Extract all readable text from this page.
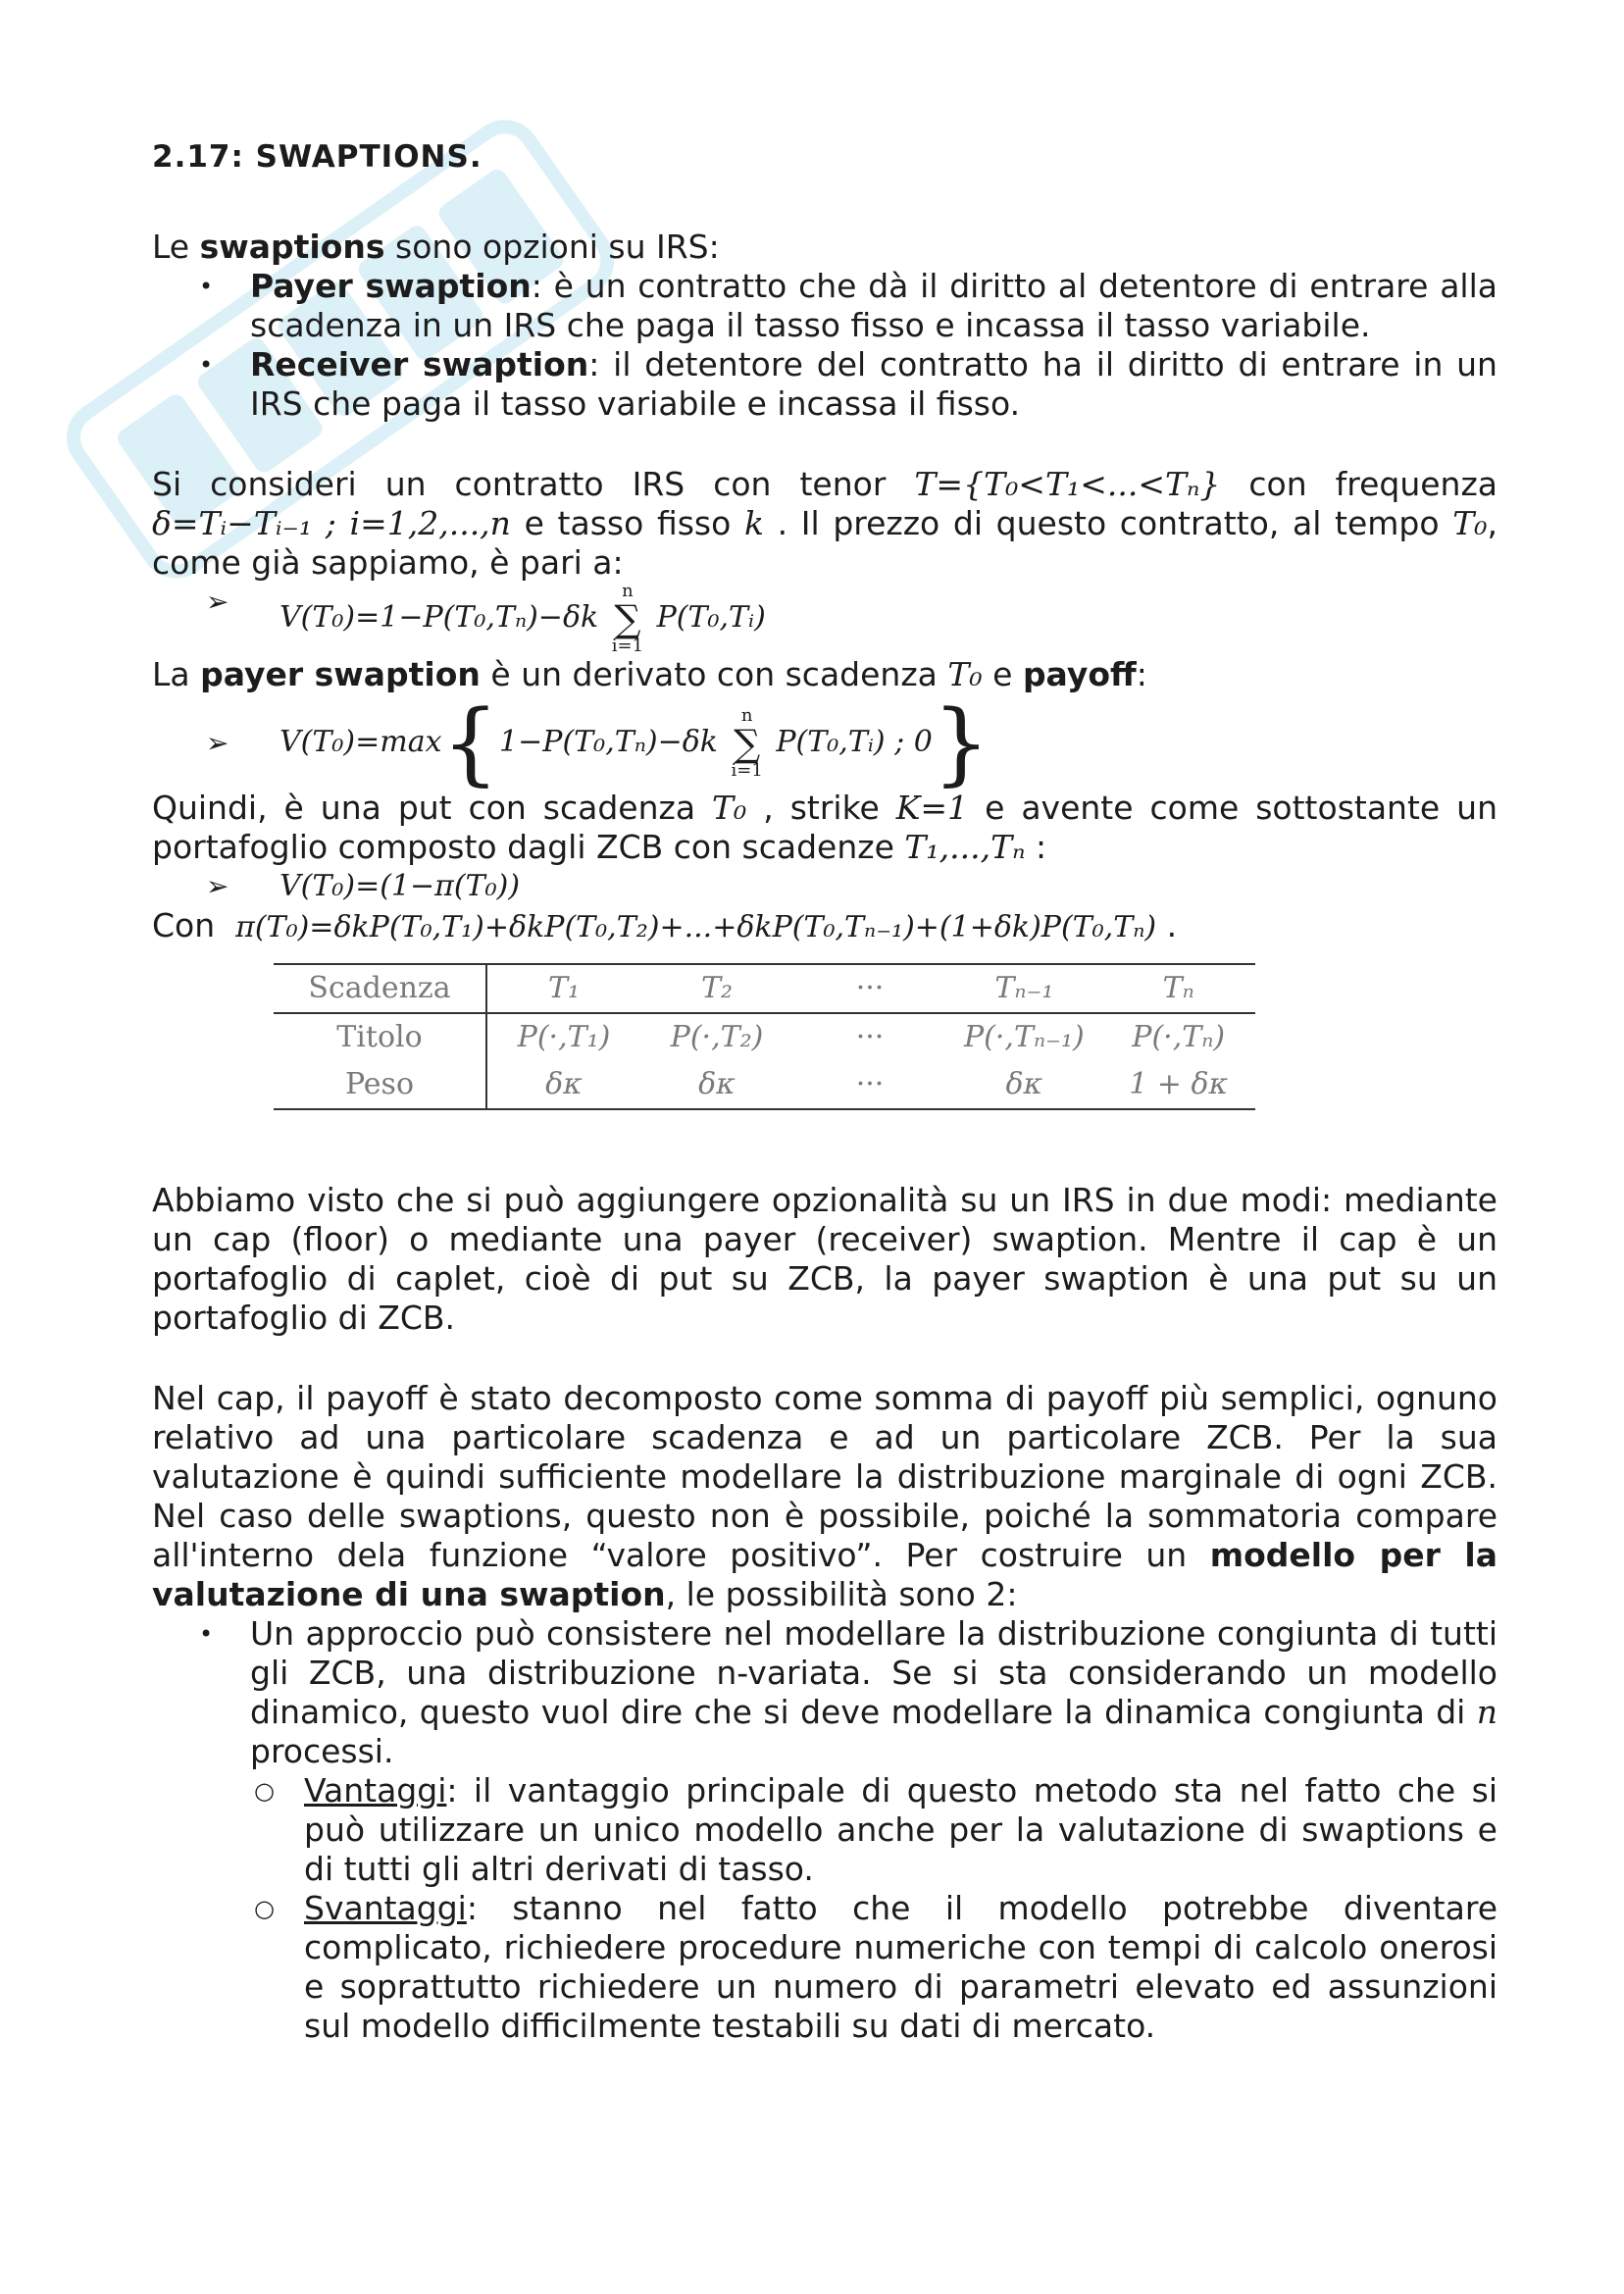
2.17: SWAPTIONS.

Le swaptions sono opzioni su IRS:

• Payer swaption: è un contratto che dà il diritto al detentore di entrare alla scadenza in un IRS che paga il tasso fisso e incassa il tasso variabile.
• Receiver swaption: il detentore del contratto ha il diritto di entrare in un IRS che paga il tasso variabile e incassa il fisso.

Si consideri un contratto IRS con tenor T={T₀<T₁<...<Tₙ} con frequenza δ=Tᵢ−Tᵢ₋₁ ; i=1,2,...,n e tasso fisso k . Il prezzo di questo contratto, al tempo T₀, come già sappiamo, è pari a:

➢ V(T₀)=1−P(T₀,Tₙ)−δk n
∑
i=1 P(T₀,Tᵢ)

La payer swaption è un derivato con scadenza T₀ e payoff:

➢ V(T₀)=max{1−P(T₀,Tₙ)−δk n
∑
i=1 P(T₀,Tᵢ) ; 0}

Quindi, è una put con scadenza T₀ , strike K=1 e avente come sottostante un portafoglio composto dagli ZCB con scadenze T₁,...,Tₙ :

➢ V(T₀)=(1−π(T₀))

Con π(T₀)=δkP(T₀,T₁)+δkP(T₀,T₂)+...+δkP(T₀,Tₙ₋₁)+(1+δk)P(T₀,Tₙ) .

Scadenza	T₁	T₂	···	Tₙ₋₁	Tₙ
Titolo	P(·,T₁)	P(·,T₂)	···	P(·,Tₙ₋₁)	P(·,Tₙ)
Peso	δκ	δκ	···	δκ	1 + δκ

Abbiamo visto che si può aggiungere opzionalità su un IRS in due modi: mediante un cap (floor) o mediante una payer (receiver) swaption. Mentre il cap è un portafoglio di caplet, cioè di put su ZCB, la payer swaption è una put su un portafoglio di ZCB.

Nel cap, il payoff è stato decomposto come somma di payoff più semplici, ognuno relativo ad una particolare scadenza e ad un particolare ZCB. Per la sua valutazione è quindi sufficiente modellare la distribuzione marginale di ogni ZCB. Nel caso delle swaptions, questo non è possibile, poiché la sommatoria compare all'interno dela funzione “valore positivo”. Per costruire un modello per la valutazione di una swaption, le possibilità sono 2:

• Un approccio può consistere nel modellare la distribuzione congiunta di tutti gli ZCB, una distribuzione n-variata. Se si sta considerando un modello dinamico, questo vuol dire che si deve modellare la dinamica congiunta di n processi.
○ Vantaggi: il vantaggio principale di questo metodo sta nel fatto che si può utilizzare un unico modello anche per la valutazione di swaptions e di tutti gli altri derivati di tasso.
○ Svantaggi: stanno nel fatto che il modello potrebbe diventare complicato, richiedere procedure numeriche con tempi di calcolo onerosi e soprattutto richiedere un numero di parametri elevato ed assunzioni sul modello difficilmente testabili su dati di mercato.
